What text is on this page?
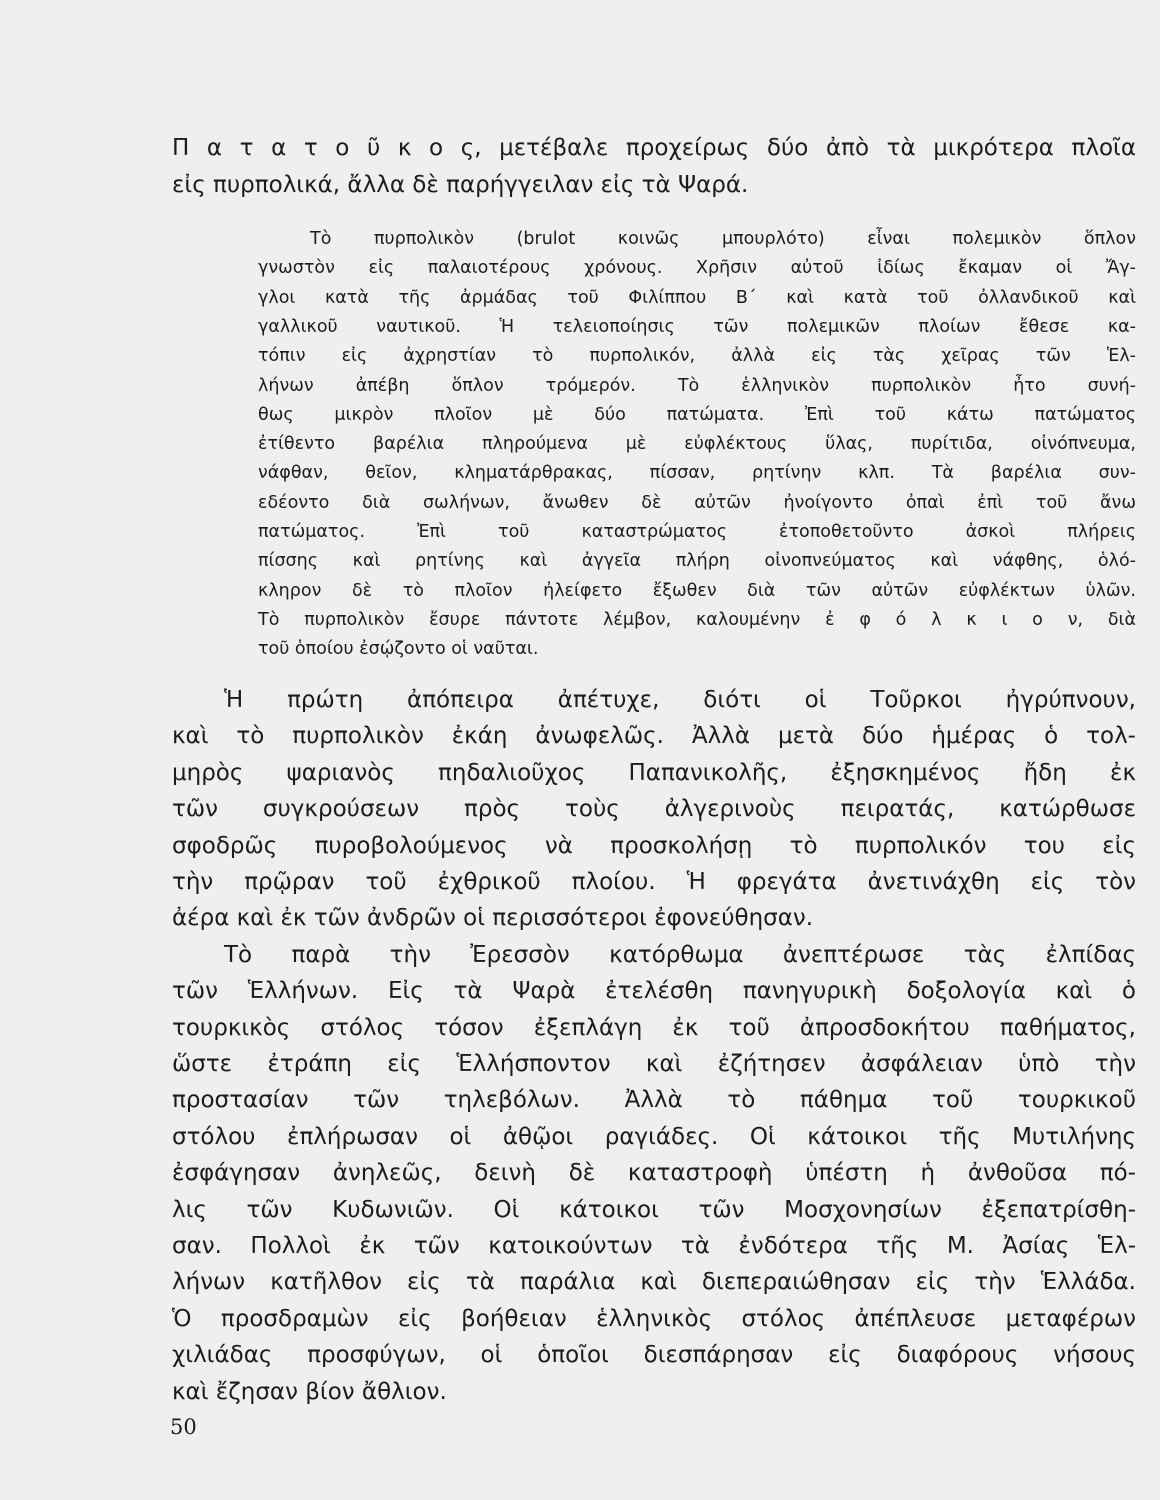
Π α τ α τ ο ῦ κ ο ς, μετέβαλε προχείρως δύο ἀπὸ τὰ μικρότερα πλοῖα
εἰς πυρπολικά, ἄλλα δὲ παρήγγειλαν εἰς τὰ Ψαρά.
Τὸ πυρπολικὸν (brulot κοινῶς μπουρλότο) εἶναι πολεμικὸν ὅπλον
γνωστὸν εἰς παλαιοτέρους χρόνους. Χρῆσιν αὐτοῦ ἰδίως ἔκαμαν οἱ Ἄγ-
γλοι κατὰ τῆς ἀρμάδας τοῦ Φιλίππου Β΄ καὶ κατὰ τοῦ ὀλλανδικοῦ καὶ
γαλλικοῦ ναυτικοῦ. Ἡ τελειοποίησις τῶν πολεμικῶν πλοίων ἔθεσε κα-
τόπιν εἰς ἀχρηστίαν τὸ πυρπολικόν, ἀλλὰ εἰς τὰς χεῖρας τῶν Ἑλ-
λήνων ἀπέβη ὅπλον τρόμερόν. Τὸ ἑλληνικὸν πυρπολικὸν ἦτο συνή-
θως μικρὸν πλοῖον μὲ δύο πατώματα. Ἐπὶ τοῦ κάτω πατώματος
ἐτίθεντο βαρέλια πληρούμενα μὲ εὐφλέκτους ὕλας, πυρίτιδα, οἰνόπνευμα,
νάφθαν, θεῖον, κληματάρθρακας, πίσσαν, ρητίνην κλπ. Τὰ βαρέλια συν-
εδέοντο διὰ σωλήνων, ἄνωθεν δὲ αὐτῶν ἠνοίγοντο ὀπαὶ ἐπὶ τοῦ ἄνω
πατώματος. Ἐπὶ τοῦ καταστρώματος ἐτοποθετοῦντο ἀσκοὶ πλήρεις
πίσσης καὶ ρητίνης καὶ ἀγγεῖα πλήρη οἰνοπνεύματος καὶ νάφθης, ὁλό-
κληρον δὲ τὸ πλοῖον ἠλείφετο ἔξωθεν διὰ τῶν αὐτῶν εὐφλέκτων ὑλῶν.
Τὸ πυρπολικὸν ἔσυρε πάντοτε λέμβον, καλουμένην ἐ φ ό λ κ ι ο ν, διὰ
τοῦ ὁποίου ἐσῴζοντο οἱ ναῦται.
Ἡ πρώτη ἀπόπειρα ἀπέτυχε, διότι οἱ Τοῦρκοι ἠγρύπνουν,
καὶ τὸ πυρπολικὸν ἐκάη ἀνωφελῶς. Ἀλλὰ μετὰ δύο ἡμέρας ὁ τολ-
μηρὸς ψαριανὸς πηδαλιοῦχος Παπανικολῆς, ἐξησκημένος ἤδη ἐκ
τῶν συγκρούσεων πρὸς τοὺς ἀλγερινοὺς πειρατάς, κατώρθωσε
σφοδρῶς πυροβολούμενος νὰ προσκολήσῃ τὸ πυρπολικόν του εἰς
τὴν πρῷραν τοῦ ἐχθρικοῦ πλοίου. Ἡ φρεγάτα ἀνετινάχθη εἰς τὸν
ἀέρα καὶ ἐκ τῶν ἀνδρῶν οἱ περισσότεροι ἐφονεύθησαν.
Τὸ παρὰ τὴν Ἐρεσσὸν κατόρθωμα ἀνεπτέρωσε τὰς ἐλπίδας
τῶν Ἑλλήνων. Εἰς τὰ Ψαρὰ ἐτελέσθη πανηγυρικὴ δοξολογία καὶ ὁ
τουρκικὸς στόλος τόσον ἐξεπλάγη ἐκ τοῦ ἀπροσδοκήτου παθήματος,
ὥστε ἐτράπη εἰς Ἑλλήσποντον καὶ ἐζήτησεν ἀσφάλειαν ὑπὸ τὴν
προστασίαν τῶν τηλεβόλων. Ἀλλὰ τὸ πάθημα τοῦ τουρκικοῦ
στόλου ἐπλήρωσαν οἱ ἀθῷοι ραγιάδες. Οἱ κάτοικοι τῆς Μυτιλήνης
ἐσφάγησαν ἀνηλεῶς, δεινὴ δὲ καταστροφὴ ὑπέστη ἡ ἀνθοῦσα πό-
λις τῶν Κυδωνιῶν. Οἱ κάτοικοι τῶν Μοσχονησίων ἐξεπατρίσθη-
σαν. Πολλοὶ ἐκ τῶν κατοικούντων τὰ ἐνδότερα τῆς Μ. Ἀσίας Ἑλ-
λήνων κατῆλθον εἰς τὰ παράλια καὶ διεπεραιώθησαν εἰς τὴν Ἑλλάδα.
Ὁ προσδραμὼν εἰς βοήθειαν ἑλληνικὸς στόλος ἀπέπλευσε μεταφέρων
χιλιάδας προσφύγων, οἱ ὁποῖοι διεσπάρησαν εἰς διαφόρους νήσους
καὶ ἔζησαν βίον ἄθλιον.
50
